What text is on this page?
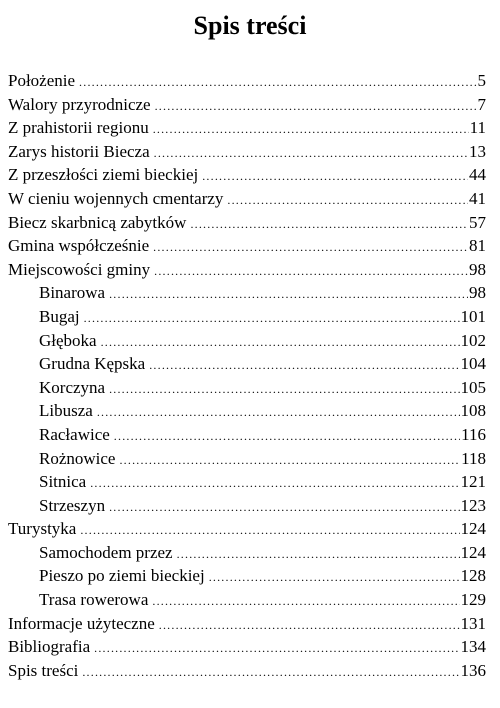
Spis treści
Położenie .....	5
Walory przyrodnicze .....	7
Z prahistorii regionu .....	11
Zarys historii Biecza .....	13
Z przeszłości ziemi bieckiej .....	44
W cieniu wojennych cmentarzy .....	41
Biecz skarbnicą zabytków .....	57
Gmina współcześnie .....	81
Miejscowości gminy .....	98
Binarowa .....	98
Bugaj .....	101
Głęboka .....	102
Grudna Kępska .....	104
Korczyna .....	105
Libusza .....	108
Racławice .....	116
Rożnowice .....	118
Sitnica .....	121
Strzeszyn .....	123
Turystyka .....	124
Samochodem przez .....	124
Pieszo po ziemi bieckiej .....	128
Trasa rowerowa .....	129
Informacje użyteczne .....	131
Bibliografia .....	134
Spis treści .....	136
